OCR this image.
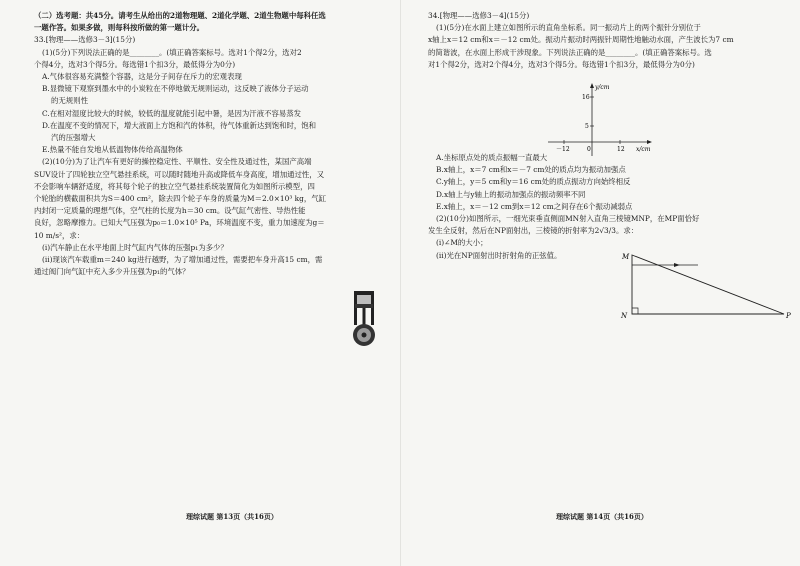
（二）选考题：共45分。请考生从给出的2道物理题、2道化学题、2道生物题中每科任选

一题作答。如果多做，则每科按所做的第一题计分。

33.[物理——选修3－3](15分)

(1)(5分)下列说法正确的是________。(填正确答案标号。选对1个得2分，选对2

个得4分，选对3个得5分。每选错1个扣3分，最低得分为0分)

A.气体很容易充满整个容器，这是分子间存在斥力的宏观表现

B.显微镜下观察到墨水中的小炭粒在不停地做无规则运动，这反映了液体分子运动

的无规则性

C.在相对湿度比较大的时候，较低的温度就能引起中暑，是因为汗液不容易蒸发

D.在温度不变的情况下，增大液面上方饱和汽的体积，待气体重新达到饱和时，饱和

汽的压强增大

E.热量不能自发地从低温物体传给高温物体

(2)(10分)为了让汽车有更好的操控稳定性、平顺性、安全性及通过性，某国产高端

SUV设计了四轮独立空气悬挂系统，可以随时随地升高或降低车身高度，增加通过性，又

不会影响车辆舒适度，将其每个轮子的独立空气悬挂系统装置简化为如图所示模型，四

个轮胎的横截面积共为S＝400 cm²，除去四个轮子车身的质量为M＝2.0×10³ kg，气缸

内封闭一定质量的理想气体，空气柱的长度为h＝30 cm。设气缸气密性、导热性能

良好，忽略摩擦力。已知大气压强为p₀＝1.0×10⁵ Pa，环境温度不变，重力加速度为g＝

10 m/s²，求：

(ⅰ)汽车静止在水平地面上时气缸内气体的压强p₁为多少？

(ⅱ)现该汽车载重m＝240 kg进行越野，为了增加通过性，需要把车身升高15 cm，需

通过阀门向气缸中充入多少升压强为p₁的气体？

理综试题 第13页（共16页）

34.[物理——选修3－4](15分)

(1)(5分)在水面上建立如图所示的直角坐标系。同一振动片上的两个振针分别位于

x轴上x＝12 cm和x＝－12 cm处。振动片振动时两振针周期性地触动水面，产生波长为7 cm

的简谐波，在水面上形成干涉现象。下列说法正确的是________。(填正确答案标号。选

对1个得2分，选对2个得4分，选对3个得5分。每选错1个扣3分，最低得分为0分)

A.坐标原点处的质点振幅一直最大

B.x轴上，x＝7 cm和x＝－7 cm处的质点均为振动加强点

C.y轴上，y＝5 cm和y＝16 cm处的质点振动方向始终相反

D.x轴上与y轴上的振动加强点的振动频率不同

E.x轴上，x＝－12 cm到x＝12 cm之间存在6个振动减弱点

(2)(10分)如图所示，一细光束垂直侧面MN射入直角三棱镜MNP，在MP面恰好

发生全反射，然后在NP面射出，三棱镜的折射率为2√3/3。求：

(ⅰ)∠M的大小；

(ⅱ)光在NP面射出时折射角的正弦值。

y/cm
16
5
－12	0	12 x/cm
M
N	P
理综试题 第14页（共16页）
